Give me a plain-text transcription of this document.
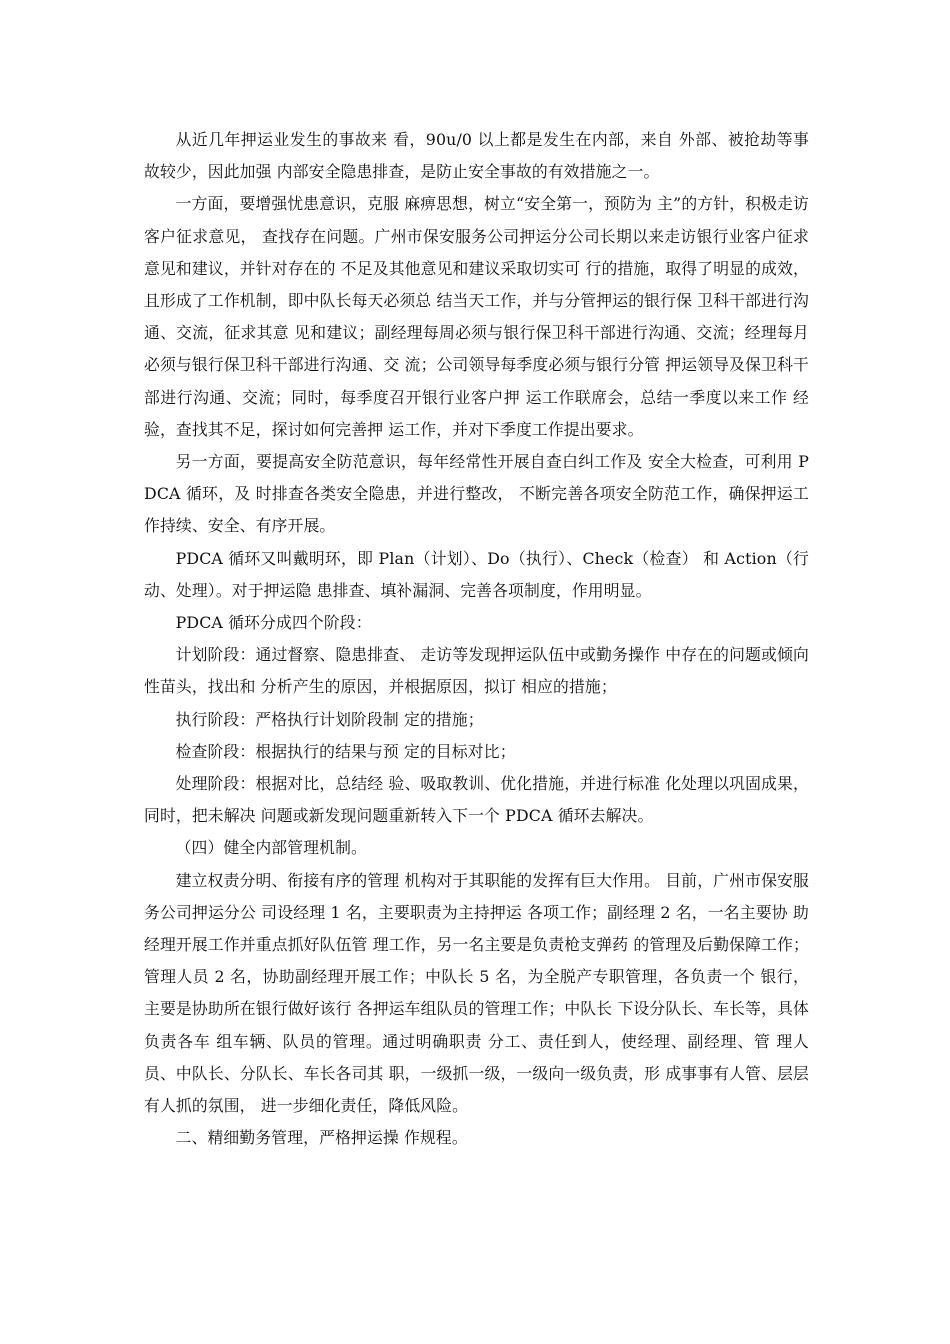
从近几年押运业发生的事故来 看，90u/0 以上都是发生在内部，来自 外部、被抢劫等事故较少，因此加强 内部安全隐患排查，是防止安全事故的有效措施之一。

一方面，要增强忧患意识，克服 麻痹思想，树立“安全第一，预防为 主”的方针，积极走访客户征求意见， 查找存在问题。广州市保安服务公司押运分公司长期以来走访银行业客户征求意见和建议，并针对存在的 不足及其他意见和建议采取切实可 行的措施，取得了明显的成效，且形成了工作机制，即中队长每天必须总 结当天工作，并与分管押运的银行保 卫科干部进行沟通、交流，征求其意 见和建议；副经理每周必须与银行保卫科干部进行沟通、交流；经理每月 必须与银行保卫科干部进行沟通、交 流；公司领导每季度必须与银行分管 押运领导及保卫科干部进行沟通、交流；同时，每季度召开银行业客户押 运工作联席会，总结一季度以来工作 经验，查找其不足，探讨如何完善押 运工作，并对下季度工作提出要求。

另一方面，要提高安全防范意识，每年经常性开展自查白纠工作及 安全大检查，可利用 PDCA 循环，及 时排查各类安全隐患，并进行整改， 不断完善各项安全防范工作，确保押运工作持续、安全、有序开展。

PDCA 循环又叫戴明环，即 Plan（计划）、Do（执行）、Check（检查） 和 Action（行动、处理）。对于押运隐 患排查、填补漏洞、完善各项制度，作用明显。

PDCA 循环分成四个阶段：

计划阶段：通过督察、隐患排查、 走访等发现押运队伍中或勤务操作 中存在的问题或倾向性苗头，找出和 分析产生的原因，并根据原因，拟订 相应的措施；

执行阶段：严格执行计划阶段制 定的措施；

检查阶段：根据执行的结果与预 定的目标对比；

处理阶段：根据对比，总结经 验、吸取教训、优化措施，并进行标准 化处理以巩固成果，同时，把未解决 问题或新发现问题重新转入下一个 PDCA 循环去解决。

（四）健全内部管理机制。

建立权责分明、衔接有序的管理 机构对于其职能的发挥有巨大作用。 目前，广州市保安服务公司押运分公 司设经理 1 名，主要职责为主持押运 各项工作；副经理 2 名，一名主要协 助经理开展工作并重点抓好队伍管 理工作，另一名主要是负责枪支弹药 的管理及后勤保障工作；管理人员 2 名，协助副经理开展工作；中队长 5 名，为全脱产专职管理，各负责一个 银行，主要是协助所在银行做好该行 各押运车组队员的管理工作；中队长 下设分队长、车长等，具体负责各车 组车辆、队员的管理。通过明确职责 分工、责任到人，使经理、副经理、管 理人员、中队长、分队长、车长各司其 职，一级抓一级，一级向一级负责，形 成事事有人管、层层有人抓的氛围， 进一步细化责任，降低风险。

二、精细勤务管理，严格押运操 作规程。
